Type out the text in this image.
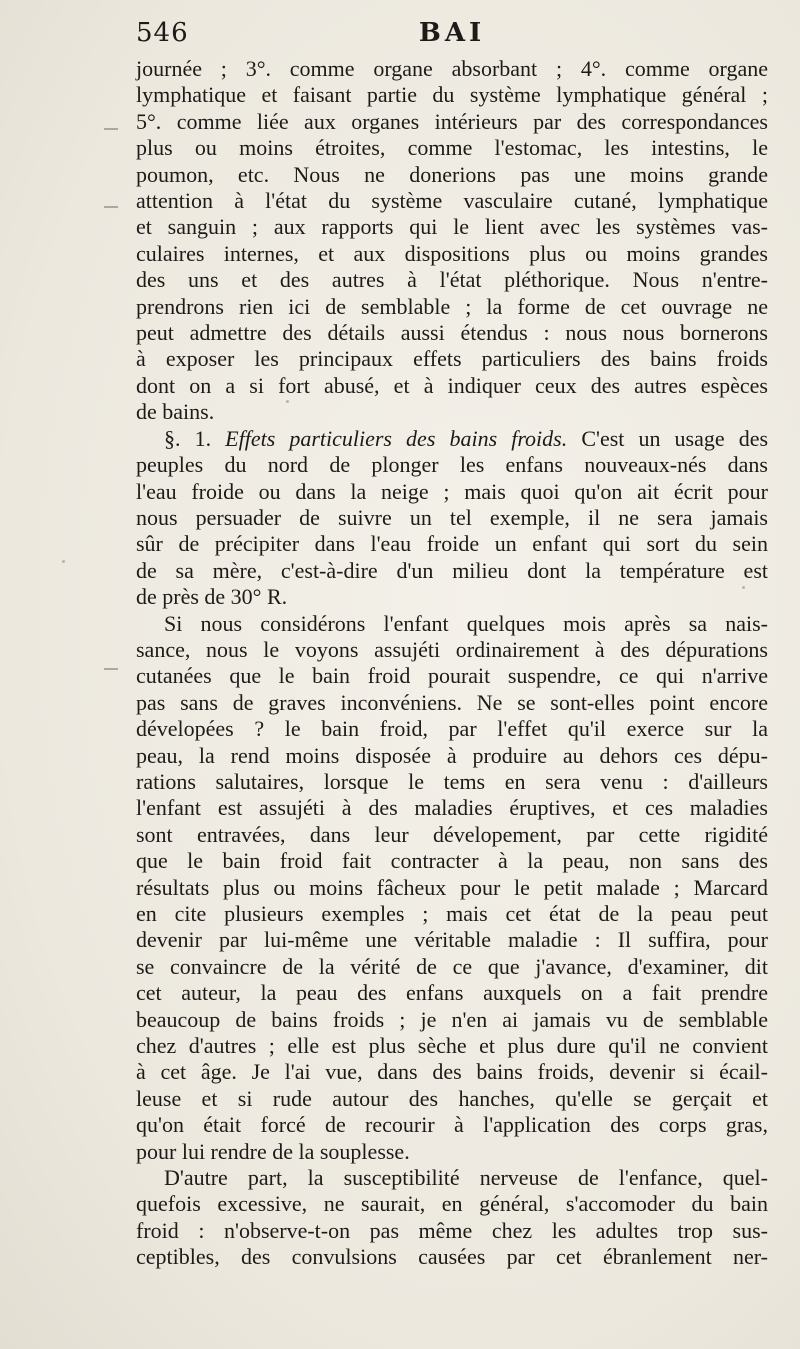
546	BAI

journée ; 3°. comme organe absorbant ; 4°. comme organe

lymphatique et faisant partie du système lymphatique général ;

5°. comme liée aux organes intérieurs par des correspondances

plus ou moins étroites, comme l'estomac, les intestins, le

poumon, etc. Nous ne donerions pas une moins grande

attention à l'état du système vasculaire cutané, lymphatique

et sanguin ; aux rapports qui le lient avec les systèmes vas-

culaires internes, et aux dispositions plus ou moins grandes

des uns et des autres à l'état pléthorique. Nous n'entre-

prendrons rien ici de semblable ; la forme de cet ouvrage ne

peut admettre des détails aussi étendus : nous nous bornerons

à exposer les principaux effets particuliers des bains froids

dont on a si fort abusé, et à indiquer ceux des autres espèces

de bains.

§. 1. Effets particuliers des bains froids. C'est un usage des

peuples du nord de plonger les enfans nouveaux-nés dans

l'eau froide ou dans la neige ; mais quoi qu'on ait écrit pour

nous persuader de suivre un tel exemple, il ne sera jamais

sûr de précipiter dans l'eau froide un enfant qui sort du sein

de sa mère, c'est-à-dire d'un milieu dont la température est

de près de 30° R.

Si nous considérons l'enfant quelques mois après sa nais-

sance, nous le voyons assujéti ordinairement à des dépurations

cutanées que le bain froid pourait suspendre, ce qui n'arrive

pas sans de graves inconvéniens. Ne se sont-elles point encore

dévelopées ? le bain froid, par l'effet qu'il exerce sur la

peau, la rend moins disposée à produire au dehors ces dépu-

rations salutaires, lorsque le tems en sera venu : d'ailleurs

l'enfant est assujéti à des maladies éruptives, et ces maladies

sont entravées, dans leur dévelopement, par cette rigidité

que le bain froid fait contracter à la peau, non sans des

résultats plus ou moins fâcheux pour le petit malade ; Marcard

en cite plusieurs exemples ; mais cet état de la peau peut

devenir par lui-même une véritable maladie : Il suffira, pour

se convaincre de la vérité de ce que j'avance, d'examiner, dit

cet auteur, la peau des enfans auxquels on a fait prendre

beaucoup de bains froids ; je n'en ai jamais vu de semblable

chez d'autres ; elle est plus sèche et plus dure qu'il ne convient

à cet âge. Je l'ai vue, dans des bains froids, devenir si écail-

leuse et si rude autour des hanches, qu'elle se gerçait et

qu'on était forcé de recourir à l'application des corps gras,

pour lui rendre de la souplesse.

D'autre part, la susceptibilité nerveuse de l'enfance, quel-

quefois excessive, ne saurait, en général, s'accomoder du bain

froid : n'observe-t-on pas même chez les adultes trop sus-

ceptibles, des convulsions causées par cet ébranlement ner-
